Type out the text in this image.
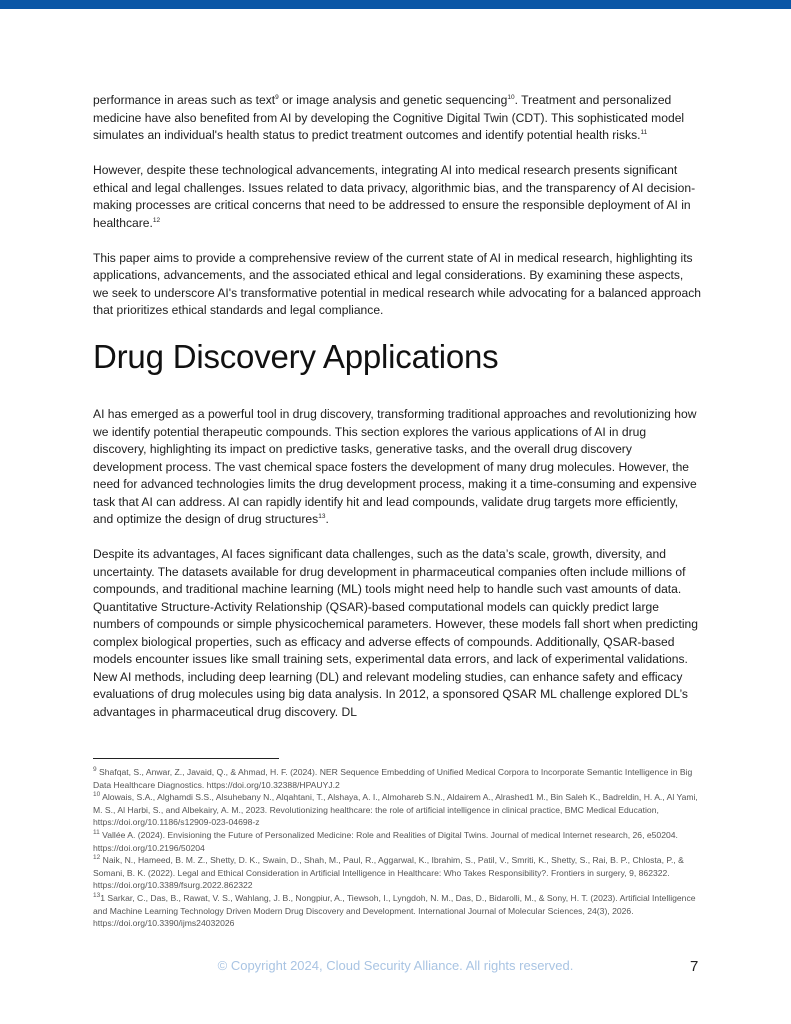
performance in areas such as text$^9$ or image analysis and genetic sequencing$^{10}$. Treatment and personalized medicine have also benefited from AI by developing the Cognitive Digital Twin (CDT). This sophisticated model simulates an individual's health status to predict treatment outcomes and identify potential health risks.$^{11}$

However, despite these technological advancements, integrating AI into medical research presents significant ethical and legal challenges. Issues related to data privacy, algorithmic bias, and the transparency of AI decision-making processes are critical concerns that need to be addressed to ensure the responsible deployment of AI in healthcare.$^{12}$

This paper aims to provide a comprehensive review of the current state of AI in medical research, highlighting its applications, advancements, and the associated ethical and legal considerations. By examining these aspects, we seek to underscore AI's transformative potential in medical research while advocating for a balanced approach that prioritizes ethical standards and legal compliance.

Drug Discovery Applications

AI has emerged as a powerful tool in drug discovery, transforming traditional approaches and revolutionizing how we identify potential therapeutic compounds. This section explores the various applications of AI in drug discovery, highlighting its impact on predictive tasks, generative tasks, and the overall drug discovery development process. The vast chemical space fosters the development of many drug molecules. However, the need for advanced technologies limits the drug development process, making it a time-consuming and expensive task that AI can address. AI can rapidly identify hit and lead compounds, validate drug targets more efficiently, and optimize the design of drug structures$^{13}$.

Despite its advantages, AI faces significant data challenges, such as the data’s scale, growth, diversity, and uncertainty. The datasets available for drug development in pharmaceutical companies often include millions of compounds, and traditional machine learning (ML) tools might need help to handle such vast amounts of data. Quantitative Structure-Activity Relationship (QSAR)-based computational models can quickly predict large numbers of compounds or simple physicochemical parameters. However, these models fall short when predicting complex biological properties, such as efficacy and adverse effects of compounds. Additionally, QSAR-based models encounter issues like small training sets, experimental data errors, and lack of experimental validations. New AI methods, including deep learning (DL) and relevant modeling studies, can enhance safety and efficacy evaluations of drug molecules using big data analysis. In 2012, a sponsored QSAR ML challenge explored DL’s advantages in pharmaceutical drug discovery. DL

$^9$ Shafqat, S., Anwar, Z., Javaid, Q., & Ahmad, H. F. (2024). NER Sequence Embedding of Unified Medical Corpora to Incorporate Semantic Intelligence in Big Data Healthcare Diagnostics. https://doi.org/10.32388/HPAUYJ.2

$^{10}$ Alowais, S.A., Alghamdi S.S., Alsuhebany N., Alqahtani, T., Alshaya, A. I., Almohareb S.N., Aldairem A., Alrashed1 M., Bin Saleh K., Badreldin, H. A., Al Yami, M. S., Al Harbi, S., and Albekairy, A. M., 2023. Revolutionizing healthcare: the role of artificial intelligence in clinical practice, BMC Medical Education, https://doi.org/10.1186/s12909-023-04698-z

$^{11}$ Vallée A. (2024). Envisioning the Future of Personalized Medicine: Role and Realities of Digital Twins. Journal of medical Internet research, 26, e50204. https://doi.org/10.2196/50204

$^{12}$ Naik, N., Hameed, B. M. Z., Shetty, D. K., Swain, D., Shah, M., Paul, R., Aggarwal, K., Ibrahim, S., Patil, V., Smriti, K., Shetty, S., Rai, B. P., Chlosta, P., & Somani, B. K. (2022). Legal and Ethical Consideration in Artificial Intelligence in Healthcare: Who Takes Responsibility?. Frontiers in surgery, 9, 862322. https://doi.org/10.3389/fsurg.2022.862322

$^{13}$1 Sarkar, C., Das, B., Rawat, V. S., Wahlang, J. B., Nongpiur, A., Tiewsoh, I., Lyngdoh, N. M., Das, D., Bidarolli, M., & Sony, H. T. (2023). Artificial Intelligence and Machine Learning Technology Driven Modern Drug Discovery and Development. International Journal of Molecular Sciences, 24(3), 2026. https://doi.org/10.3390/ijms24032026

© Copyright 2024, Cloud Security Alliance. All rights reserved.	7
